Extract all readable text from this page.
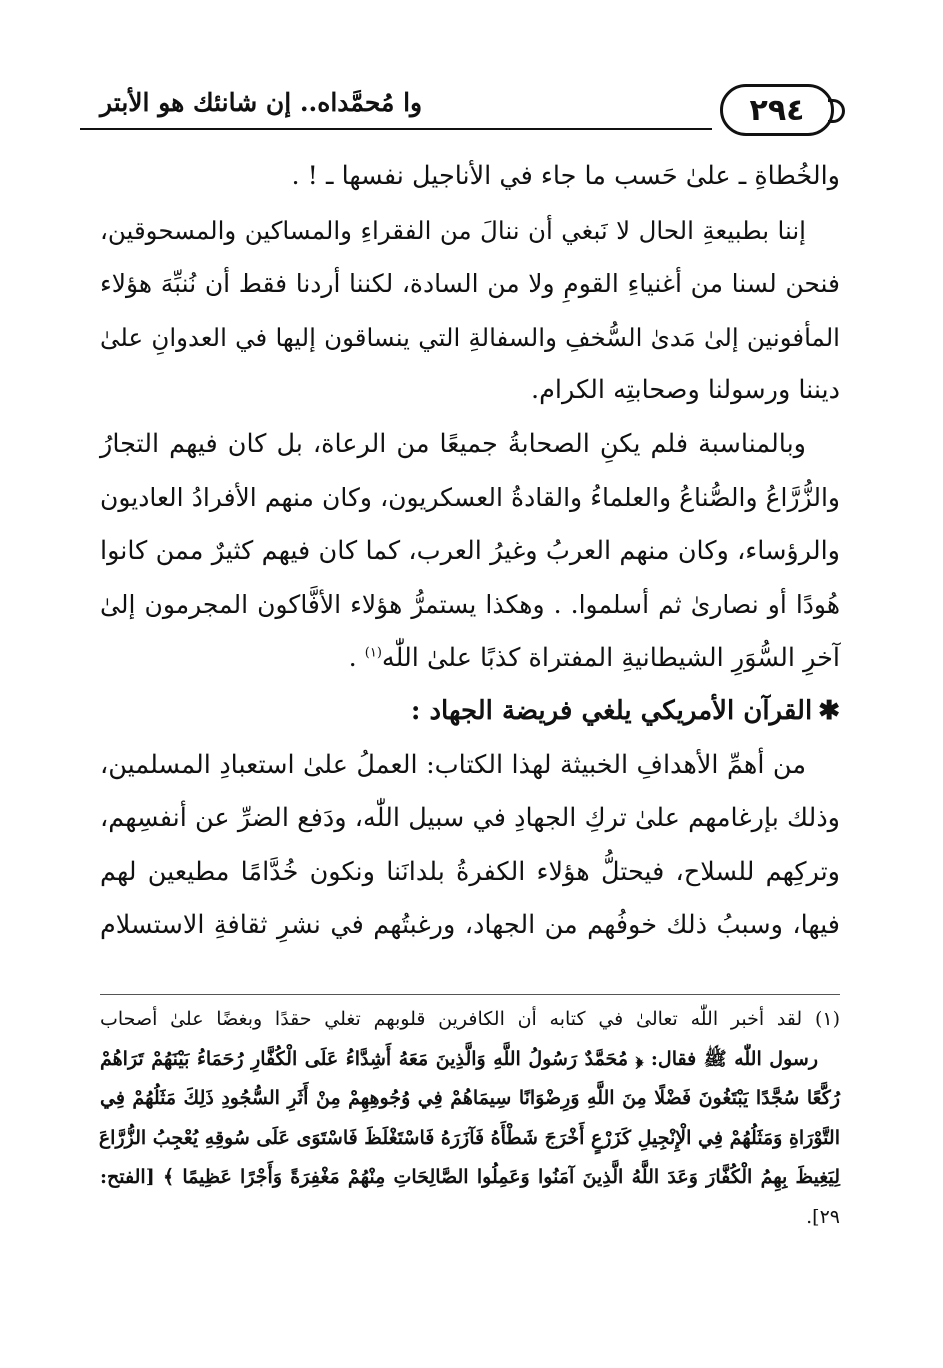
٢٩٤
وا مُحمَّداه.. إن شانئك هو الأبتر

والخُطاةِ ـ علىٰ حَسب ما جاء في الأناجيل نفسها ـ ! .

إننا بطبيعةِ الحال لا نَبغي أن ننالَ من الفقراءِ والمساكين والمسحوقين،
فنحن لسنا من أغنياءِ القومِ ولا من السادة، لكننا أردنا فقط أن نُنبِّهَ هؤلاء
المأفونين إلىٰ مَدىٰ السُّخفِ والسفالةِ التي ينساقون إليها في العدوانِ علىٰ
ديننا ورسولنا وصحابتِه الكرام.

وبالمناسبة فلم يكنِ الصحابةُ جميعًا من الرعاة، بل كان فيهم التجارُ
والزُّرَّاعُ والصُّناعُ والعلماءُ والقادةُ العسكريون، وكان منهم الأفرادُ العاديون
والرؤساء، وكان منهم العربُ وغيرُ العرب، كما كان فيهم كثيرٌ ممن كانوا
هُودًا أو نصارىٰ ثم أسلموا. . وهكذا يستمرُّ هؤلاء الأفَّاكون المجرمون إلىٰ
آخرِ السُّوَرِ الشيطانيةِ المفتراة كذبًا علىٰ اللّٰه$^{(١)}$ .

✱القرآن الأمريكي يلغي فريضة الجهاد :

من أهمِّ الأهدافِ الخبيثة لهذا الكتاب: العملُ علىٰ استعبادِ المسلمين،
وذلك بإرغامهم علىٰ تركِ الجهادِ في سبيل اللّٰه، ودَفع الضرِّ عن أنفسِهم،
وتركِهم للسلاح، فيحتلُّ هؤلاء الكفرةُ بلدانَنا ونكون خُدَّامًا مطيعين لهم
فيها، وسببُ ذلك خوفُهم من الجهاد، ورغبتُهم في نشرِ ثقافةِ الاستسلام

(١) لقد أخبر اللّٰه تعالىٰ في كتابه أن الكافرين قلوبهم تغلي حقدًا وبغضًا علىٰ أصحاب
رسول اللّٰه ﷺ فقال: ﴿ مُحَمَّدٌ رَسُولُ اللَّهِ وَالَّذِينَ مَعَهُ أَشِدَّاءُ عَلَى الْكُفَّارِ رُحَمَاءُ بَيْنَهُمْ تَرَاهُمْ
رُكَّعًا سُجَّدًا يَبْتَغُونَ فَضْلًا مِنَ اللَّهِ وَرِضْوَانًا سِيمَاهُمْ فِي وُجُوهِهِمْ مِنْ أَثَرِ السُّجُودِ ذَلِكَ مَثَلُهُمْ فِي
التَّوْرَاةِ وَمَثَلُهُمْ فِي الْإِنْجِيلِ كَزَرْعٍ أَخْرَجَ شَطْأَهُ فَآزَرَهُ فَاسْتَغْلَظَ فَاسْتَوَى عَلَى سُوقِهِ يُعْجِبُ الزُّرَّاعَ
لِيَغِيظَ بِهِمُ الْكُفَّارَ وَعَدَ اللَّهُ الَّذِينَ آمَنُوا وَعَمِلُوا الصَّالِحَاتِ مِنْهُمْ مَغْفِرَةً وَأَجْرًا عَظِيمًا ﴾ [الفتح:
٢٩].
